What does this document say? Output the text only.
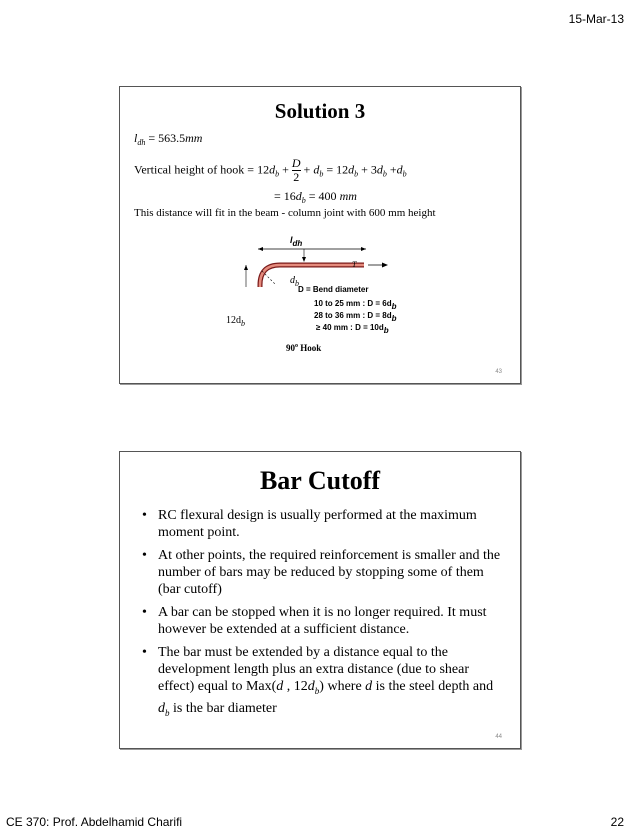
15-Mar-13
Solution 3
$l_{dh} = 563.5mm$
Vertical height of hook = $12d_b + \frac{D}{2} + d_b = 12d_b + 3d_b +d_b$
= $16d_b = 400$ mm
This distance will fit in the beam - column joint with 600 mm height
ldh
T
$d_b$
$12d_b$
D = Bend diameter
10 to 25 mm : D = 6db
28 to 36 mm : D = 8db
≥ 40 mm : D = 10db
90$^o$ Hook
43
Bar Cutoff
• RC flexural design is usually performed at the maximum moment point.
• At other points, the required reinforcement is smaller and the number of bars may be reduced by stopping some of them (bar cutoff)
• A bar can be stopped when it is no longer required. It must however be extended at a sufficient distance.
• The bar must be extended by a distance equal to the development length plus an extra distance (due to shear effect) equal to Max(d , $12d_b$) where d is the steel depth and $d_b$ is the bar diameter
44
CE 370: Prof. Abdelhamid Charifi	22
